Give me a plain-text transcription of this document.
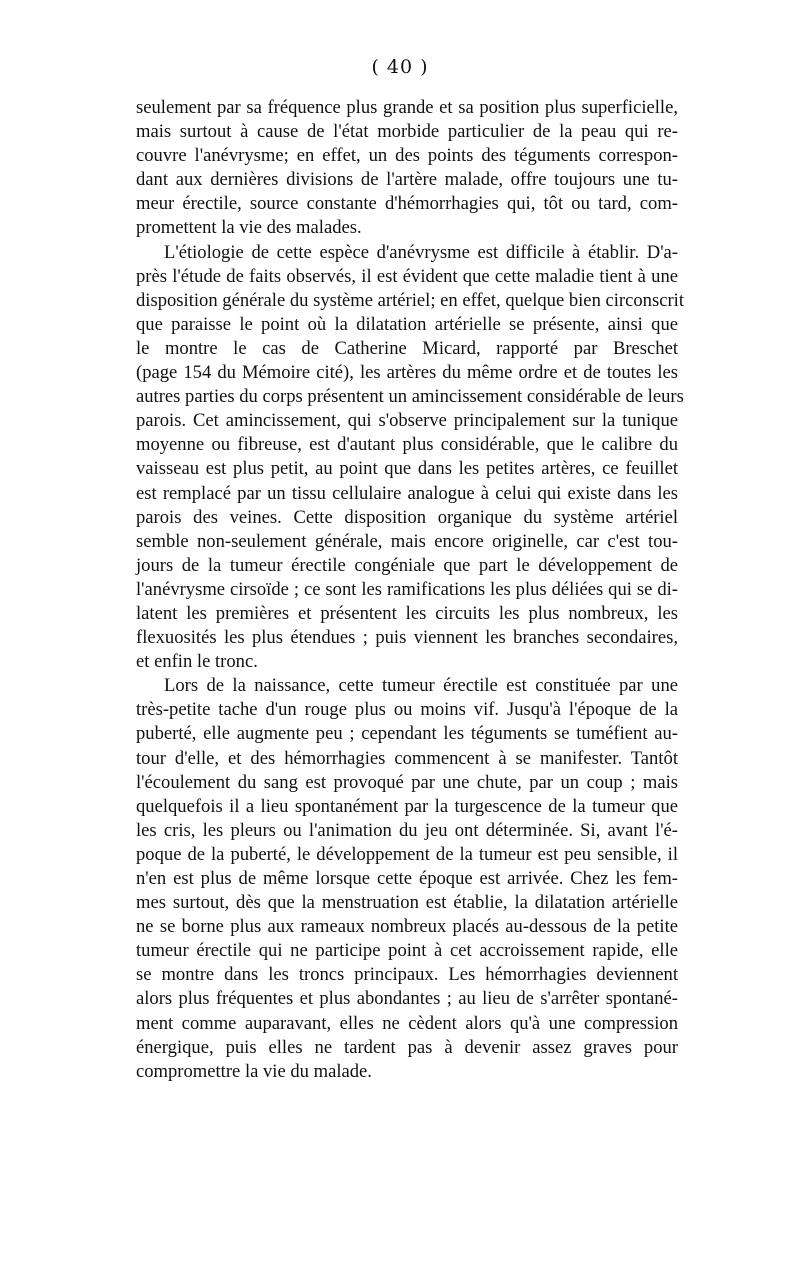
( 40 )
seulement par sa fréquence plus grande et sa position plus superficielle,
mais surtout à cause de l'état morbide particulier de la peau qui re-
couvre l'anévrysme; en effet, un des points des téguments correspon-
dant aux dernières divisions de l'artère malade, offre toujours une tu-
meur érectile, source constante d'hémorrhagies qui, tôt ou tard, com-
promettent la vie des malades.
L'étiologie de cette espèce d'anévrysme est difficile à établir. D'a-
près l'étude de faits observés, il est évident que cette maladie tient à une
disposition générale du système artériel; en effet, quelque bien circonscrit
que paraisse le point où la dilatation artérielle se présente, ainsi que
le montre le cas de Catherine Micard, rapporté par Breschet
(page 154 du Mémoire cité), les artères du même ordre et de toutes les
autres parties du corps présentent un amincissement considérable de leurs
parois. Cet amincissement, qui s'observe principalement sur la tunique
moyenne ou fibreuse, est d'autant plus considérable, que le calibre du
vaisseau est plus petit, au point que dans les petites artères, ce feuillet
est remplacé par un tissu cellulaire analogue à celui qui existe dans les
parois des veines. Cette disposition organique du système artériel
semble non-seulement générale, mais encore originelle, car c'est tou-
jours de la tumeur érectile congéniale que part le développement de
l'anévrysme cirsoïde ; ce sont les ramifications les plus déliées qui se di-
latent les premières et présentent les circuits les plus nombreux, les
flexuosités les plus étendues ; puis viennent les branches secondaires,
et enfin le tronc.
Lors de la naissance, cette tumeur érectile est constituée par une
très-petite tache d'un rouge plus ou moins vif. Jusqu'à l'époque de la
puberté, elle augmente peu ; cependant les téguments se tuméfient au-
tour d'elle, et des hémorrhagies commencent à se manifester. Tantôt
l'écoulement du sang est provoqué par une chute, par un coup ; mais
quelquefois il a lieu spontanément par la turgescence de la tumeur que
les cris, les pleurs ou l'animation du jeu ont déterminée. Si, avant l'é-
poque de la puberté, le développement de la tumeur est peu sensible, il
n'en est plus de même lorsque cette époque est arrivée. Chez les fem-
mes surtout, dès que la menstruation est établie, la dilatation artérielle
ne se borne plus aux rameaux nombreux placés au-dessous de la petite
tumeur érectile qui ne participe point à cet accroissement rapide, elle
se montre dans les troncs principaux. Les hémorrhagies deviennent
alors plus fréquentes et plus abondantes ; au lieu de s'arrêter spontané-
ment comme auparavant, elles ne cèdent alors qu'à une compression
énergique, puis elles ne tardent pas à devenir assez graves pour
compromettre la vie du malade.
